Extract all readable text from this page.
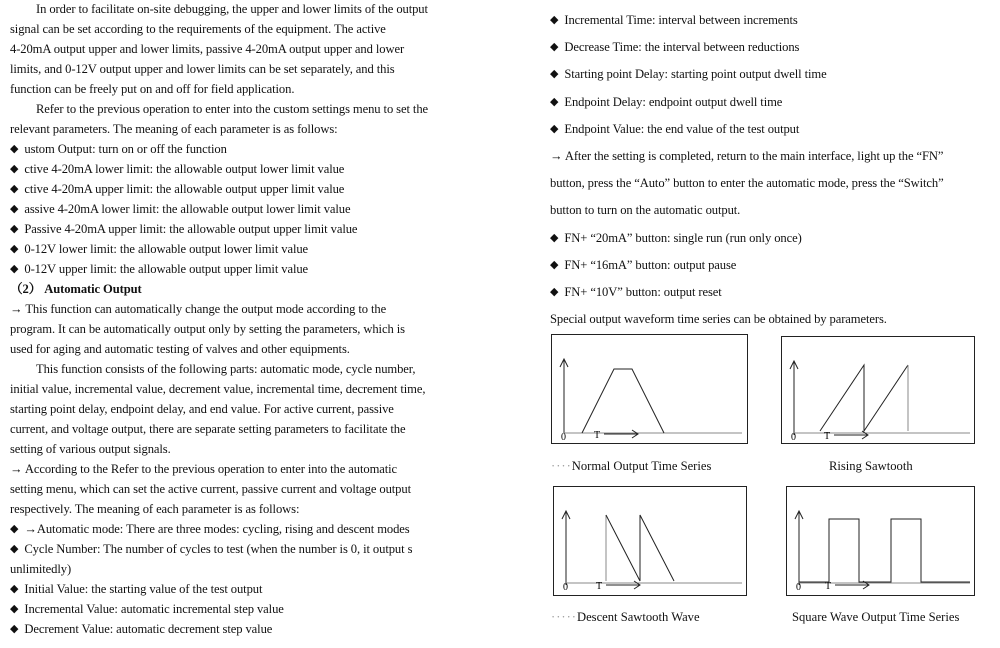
In order to facilitate on-site debugging, the upper and lower limits of the output
signal can be set according to the requirements of the equipment. The active
4-20mA output upper and lower limits, passive 4-20mA output upper and lower
limits, and 0-12V output upper and lower limits can be set separately, and this
function can be freely put on and off for field application.
Refer to the previous operation to enter into the custom settings menu to set the
relevant parameters. The meaning of each parameter is as follows:
◆ ustom Output: turn on or off the function
◆ ctive 4-20mA lower limit: the allowable output lower limit value
◆ ctive 4-20mA upper limit: the allowable output upper limit value
◆ assive 4-20mA lower limit: the allowable output lower limit value
◆ Passive 4-20mA upper limit: the allowable output upper limit value
◆ 0-12V lower limit: the allowable output lower limit value
◆ 0-12V upper limit: the allowable output upper limit value
（2） Automatic Output
→ This function can automatically change the output mode according to the
program. It can be automatically output only by setting the parameters, which is
used for aging and automatic testing of valves and other equipments.
This function consists of the following parts: automatic mode, cycle number,
initial value, incremental value, decrement value, incremental time, decrement time,
starting point delay, endpoint delay, and end value. For active current, passive
current, and voltage output, there are separate setting parameters to facilitate the
setting of various output signals.
→ According to the Refer to the previous operation to enter into the automatic
setting menu, which can set the active current, passive current and voltage output
respectively. The meaning of each parameter is as follows:
◆ →Automatic mode: There are three modes: cycling, rising and descent modes
◆ Cycle Number: The number of cycles to test (when the number is 0, it output s
unlimitedly)
◆ Initial Value: the starting value of the test output
◆ Incremental Value: automatic incremental step value
◆ Decrement Value: automatic decrement step value
◆ Incremental Time: interval between increments
◆ Decrease Time: the interval between reductions
◆ Starting point Delay: starting point output dwell time
◆ Endpoint Delay: endpoint output dwell time
◆ Endpoint Value: the end value of the test output
→ After the setting is completed, return to the main interface, light up the “FN”
button, press the “Auto” button to enter the automatic mode, press the “Switch”
button to turn on the automatic output.
◆ FN+ “20mA” button: single run (run only once)
◆ FN+ “16mA” button: output pause
◆ FN+ “10V” button: output reset
Special output waveform time series can be obtained by parameters.
0	T	0	T
0	T	0 T
····Normal Output Time Series	Rising Sawtooth
·····Descent Sawtooth Wave	Square Wave Output Time Series
